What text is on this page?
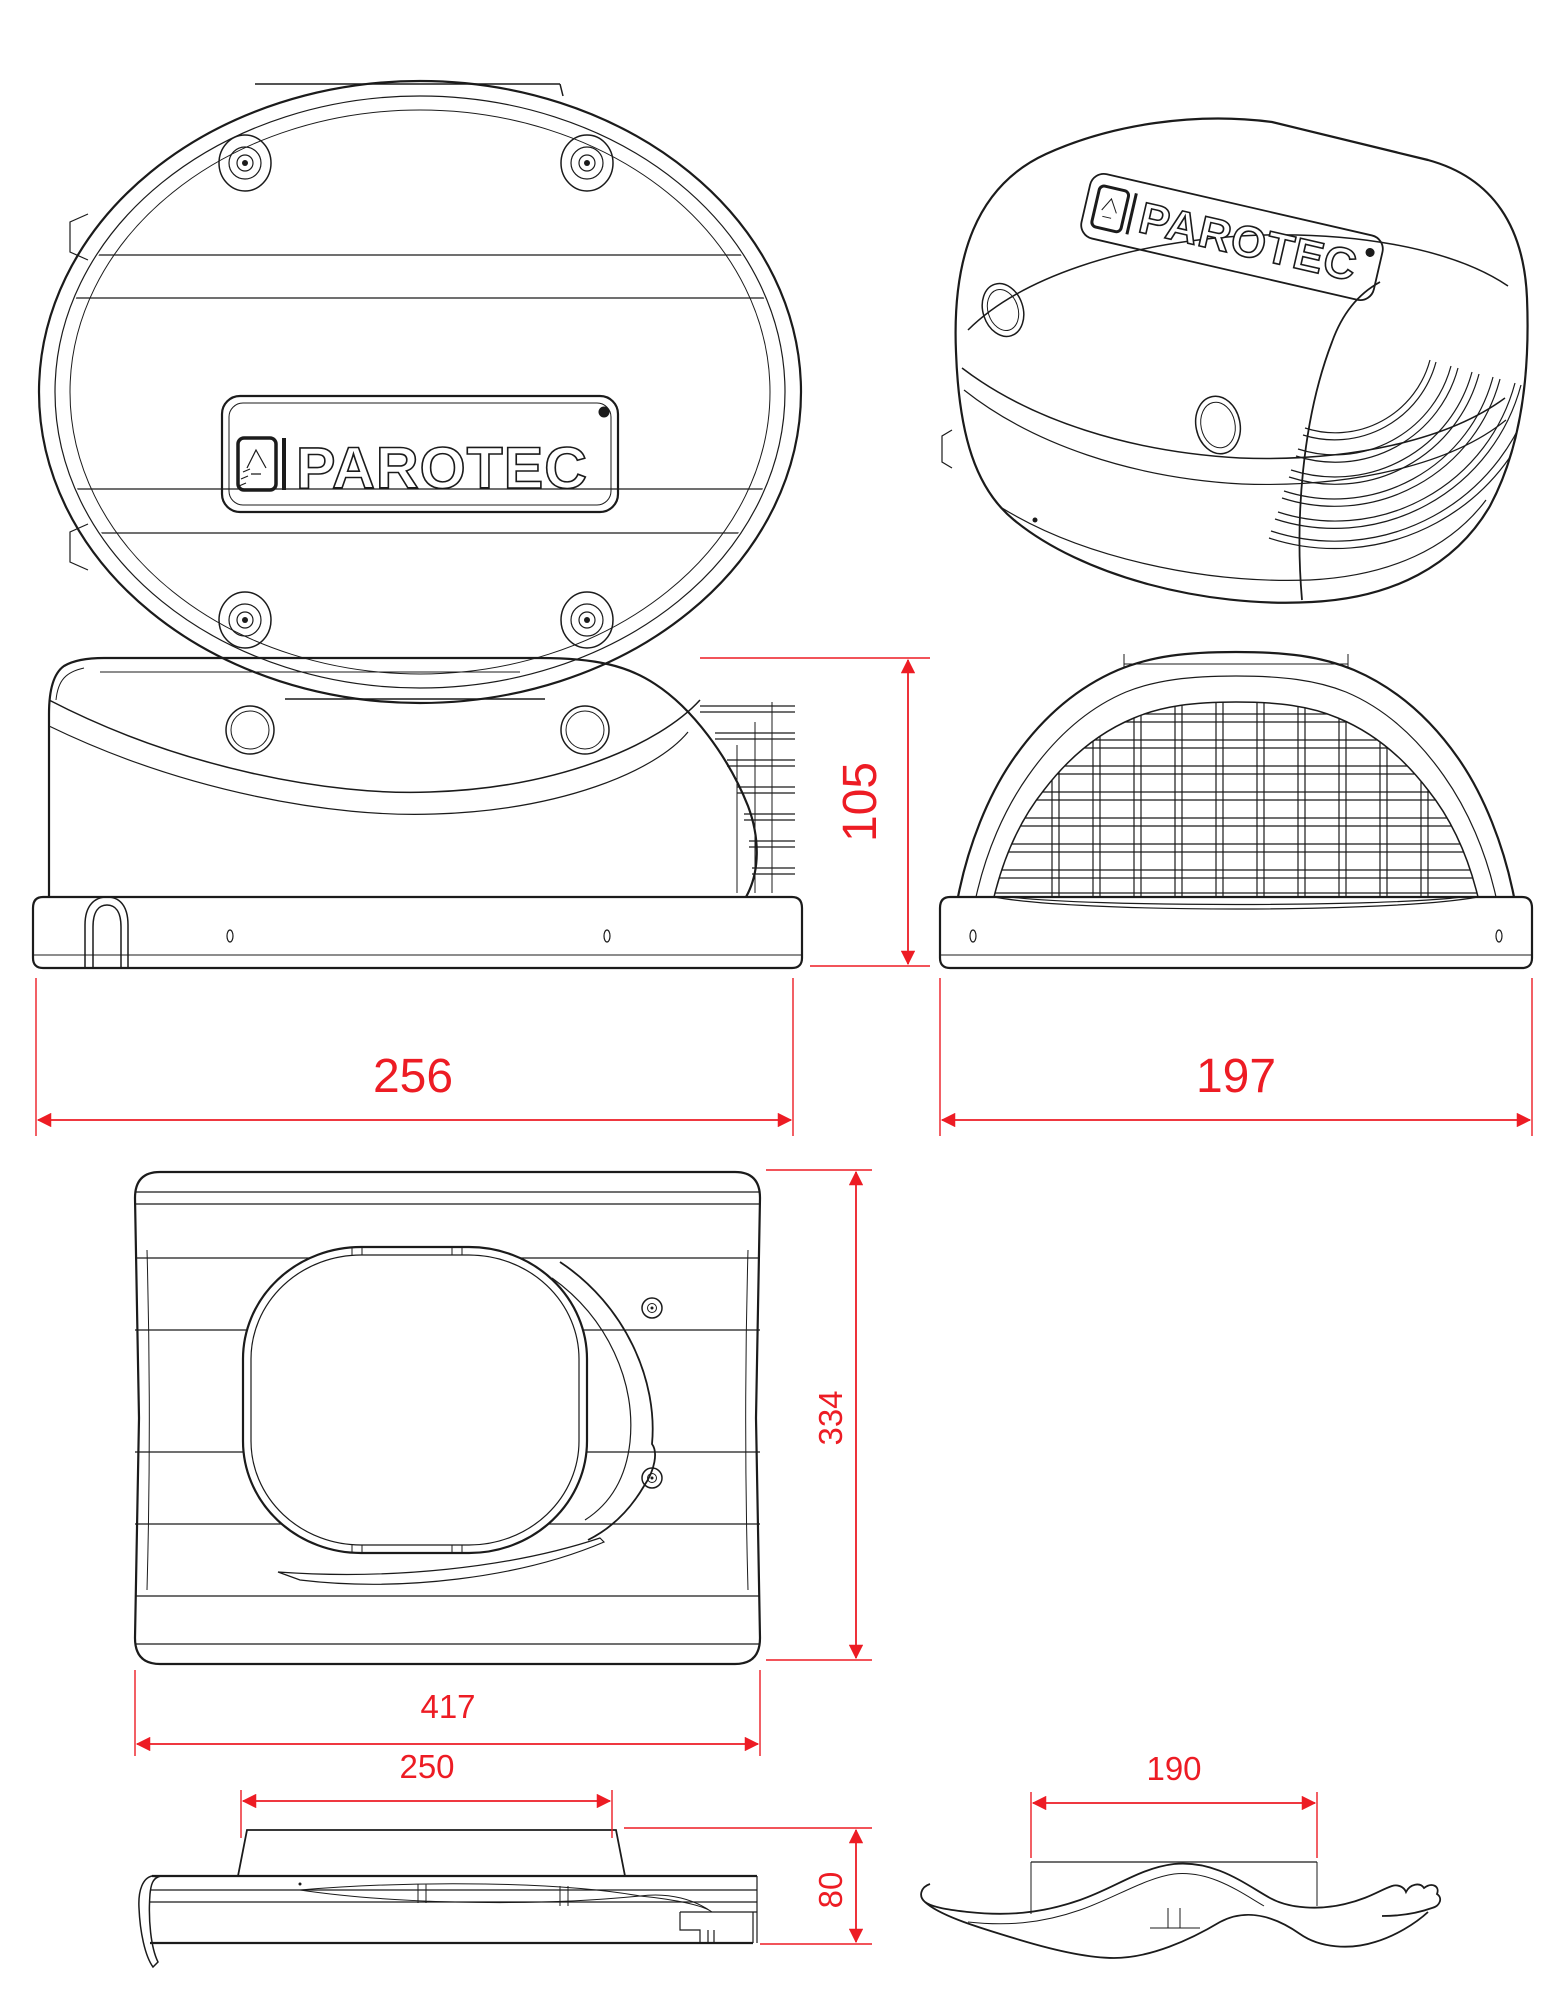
PAROTEC
PAROTEC
105
256	197
334
417
250
80
190
